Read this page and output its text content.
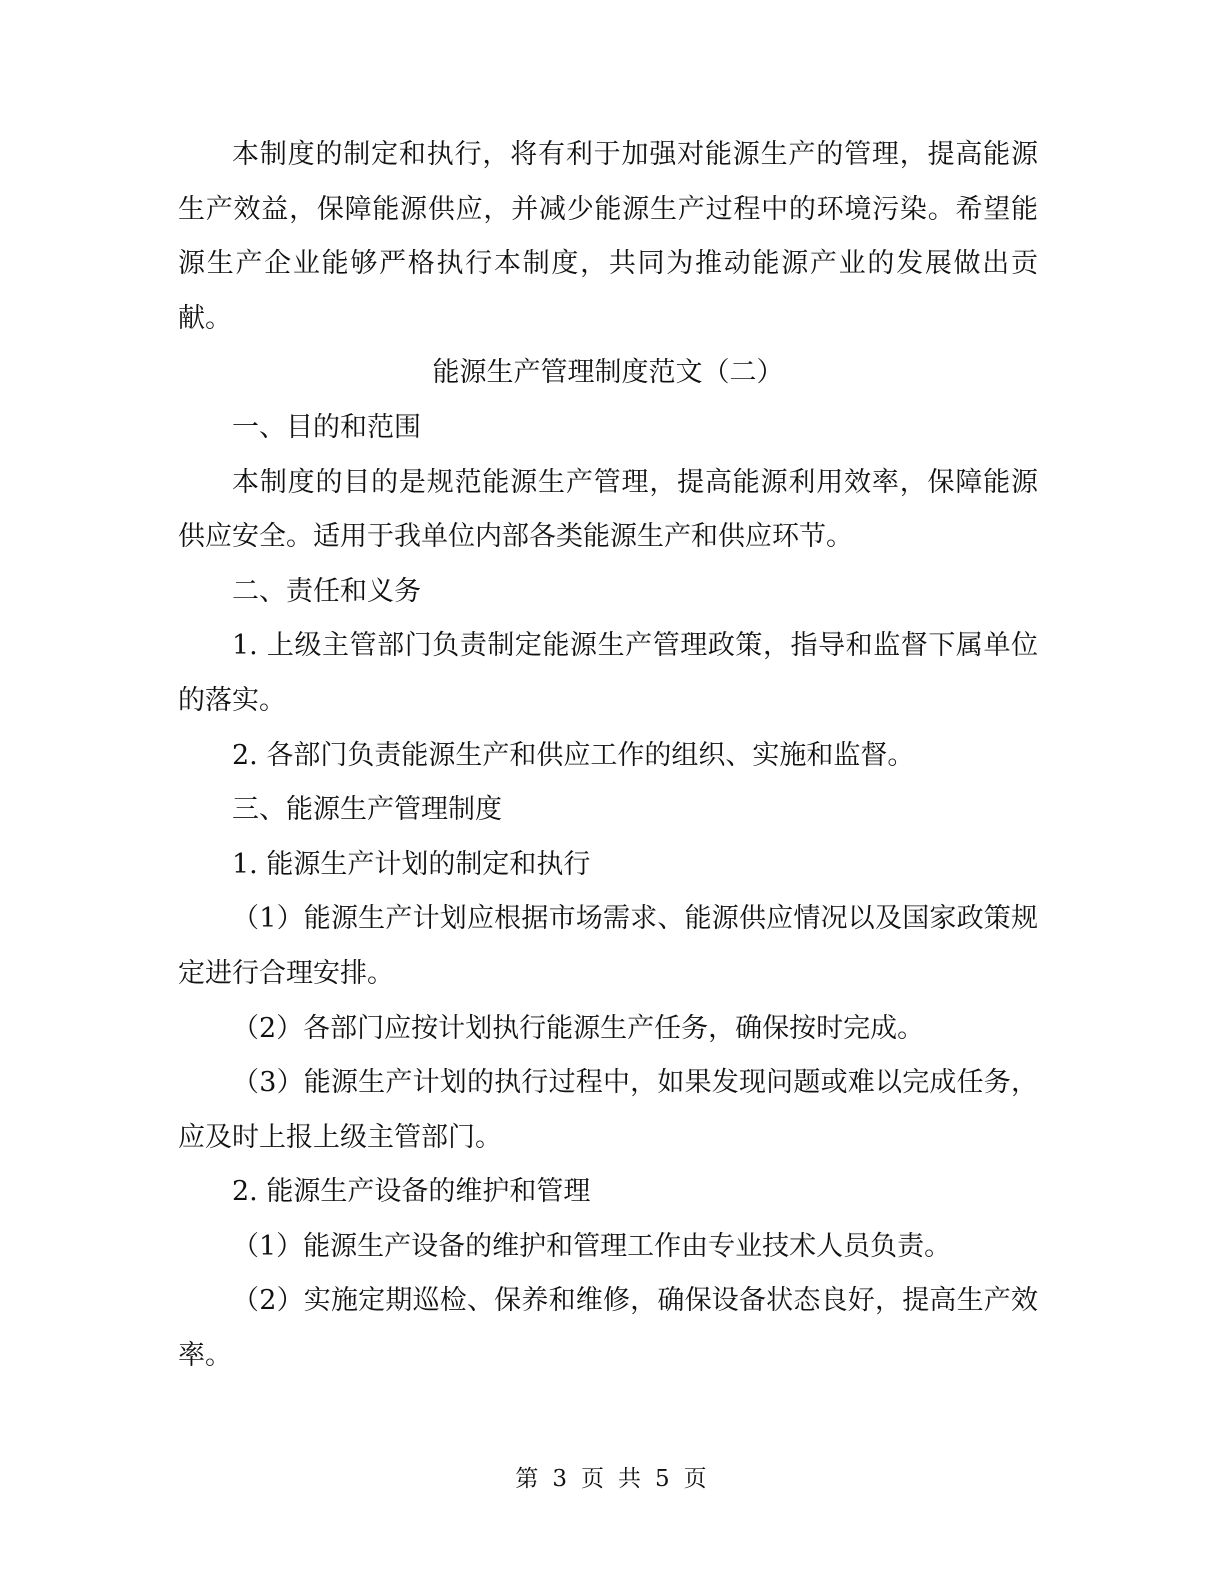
本制度的制定和执行，将有利于加强对能源生产的管理，提高能源生产效益，保障能源供应，并减少能源生产过程中的环境污染。希望能源生产企业能够严格执行本制度，共同为推动能源产业的发展做出贡献。

能源生产管理制度范文（二）

一、目的和范围

本制度的目的是规范能源生产管理，提高能源利用效率，保障能源供应安全。适用于我单位内部各类能源生产和供应环节。

二、责任和义务

1. 上级主管部门负责制定能源生产管理政策，指导和监督下属单位的落实。

2. 各部门负责能源生产和供应工作的组织、实施和监督。

三、能源生产管理制度

1. 能源生产计划的制定和执行

（1）能源生产计划应根据市场需求、能源供应情况以及国家政策规定进行合理安排。

（2）各部门应按计划执行能源生产任务，确保按时完成。

（3）能源生产计划的执行过程中，如果发现问题或难以完成任务，应及时上报上级主管部门。

2. 能源生产设备的维护和管理

（1）能源生产设备的维护和管理工作由专业技术人员负责。

（2）实施定期巡检、保养和维修，确保设备状态良好，提高生产效率。

第 3 页 共 5 页
